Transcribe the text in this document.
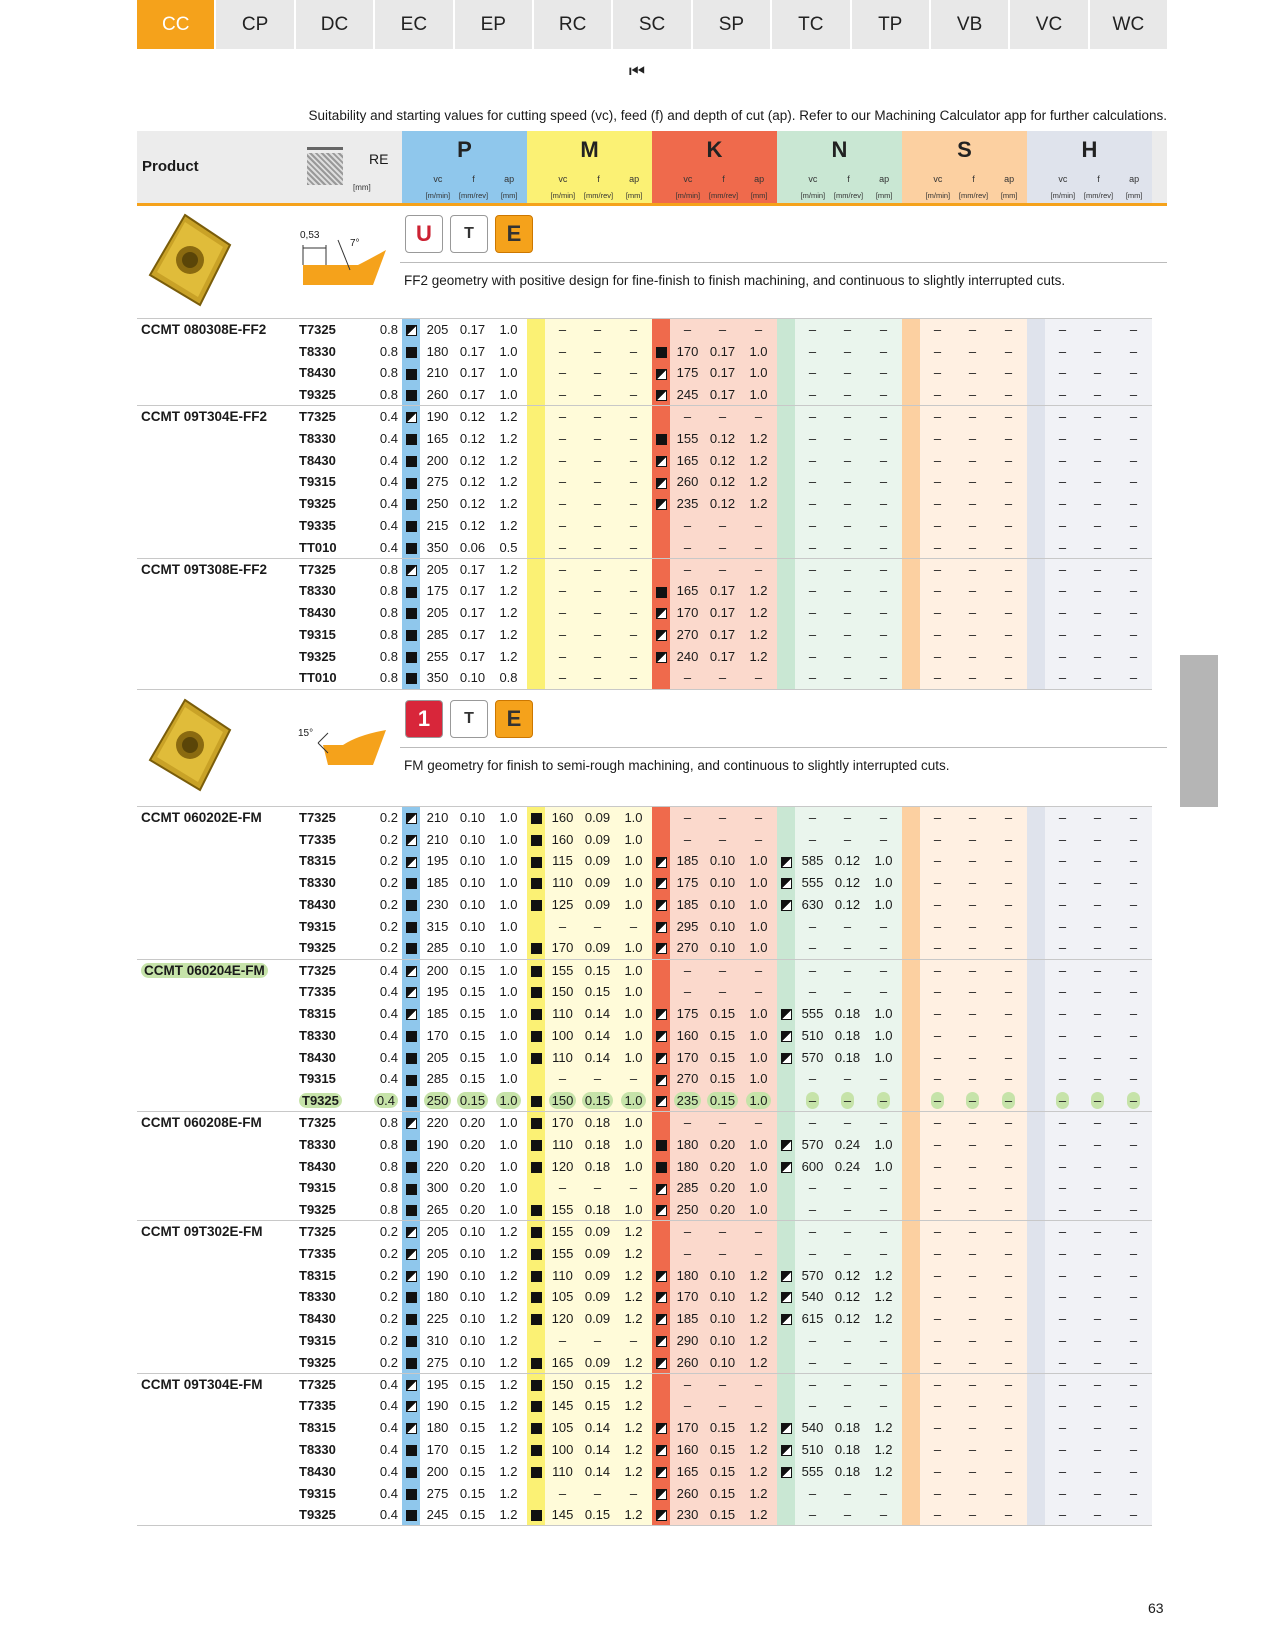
CC	CP	DC	EC	EP	RC	SC	SP	TC	TP	VB	VC	WC
⏮
Suitability and starting values for cutting speed (vc), feed (f) and depth of cut (ap). Refer to our Machining Calculator app for further calculations.
Product	RE
[mm]
P
vc	f	ap
[m/min]	[mm/rev]	[mm]
M
vc	f	ap
[m/min]	[mm/rev]	[mm]
K
vc	f	ap
[m/min]	[mm/rev]	[mm]
N
vc	f	ap
[m/min]	[mm/rev]	[mm]
S
vc	f	ap
[m/min]	[mm/rev]	[mm]
H
vc	f	ap
[m/min]	[mm/rev]	[mm]
63
0,53
7°	U	T	E
FF2 geometry with positive design for fine-finish to finish machining, and continuous to slightly interrupted cuts.
CCMT 080308E-FF2	T7325	0.8		205	0.17	1.0		–	–	–		–	–	–		–	–	–		–	–	–		–	–	–
	T8330	0.8		180	0.17	1.0		–	–	–		170	0.17	1.0		–	–	–		–	–	–		–	–	–
	T8430	0.8		210	0.17	1.0		–	–	–		175	0.17	1.0		–	–	–		–	–	–		–	–	–
	T9325	0.8		260	0.17	1.0		–	–	–		245	0.17	1.0		–	–	–		–	–	–		–	–	–
CCMT 09T304E-FF2	T7325	0.4		190	0.12	1.2		–	–	–		–	–	–		–	–	–		–	–	–		–	–	–
	T8330	0.4		165	0.12	1.2		–	–	–		155	0.12	1.2		–	–	–		–	–	–		–	–	–
	T8430	0.4		200	0.12	1.2		–	–	–		165	0.12	1.2		–	–	–		–	–	–		–	–	–
	T9315	0.4		275	0.12	1.2		–	–	–		260	0.12	1.2		–	–	–		–	–	–		–	–	–
	T9325	0.4		250	0.12	1.2		–	–	–		235	0.12	1.2		–	–	–		–	–	–		–	–	–
	T9335	0.4		215	0.12	1.2		–	–	–		–	–	–		–	–	–		–	–	–		–	–	–
	TT010	0.4		350	0.06	0.5		–	–	–		–	–	–		–	–	–		–	–	–		–	–	–
CCMT 09T308E-FF2	T7325	0.8		205	0.17	1.2		–	–	–		–	–	–		–	–	–		–	–	–		–	–	–
	T8330	0.8		175	0.17	1.2		–	–	–		165	0.17	1.2		–	–	–		–	–	–		–	–	–
	T8430	0.8		205	0.17	1.2		–	–	–		170	0.17	1.2		–	–	–		–	–	–		–	–	–
	T9315	0.8		285	0.17	1.2		–	–	–		270	0.17	1.2		–	–	–		–	–	–		–	–	–
	T9325	0.8		255	0.17	1.2		–	–	–		240	0.17	1.2		–	–	–		–	–	–		–	–	–
	TT010	0.8		350	0.10	0.8		–	–	–		–	–	–		–	–	–		–	–	–		–	–	–

15°
1	T	E
FM geometry for finish to semi-rough machining, and continuous to slightly interrupted cuts.
CCMT 060202E-FM	T7325	0.2		210	0.10	1.0		160	0.09	1.0		–	–	–		–	–	–		–	–	–		–	–	–
	T7335	0.2		210	0.10	1.0		160	0.09	1.0		–	–	–		–	–	–		–	–	–		–	–	–
	T8315	0.2		195	0.10	1.0		115	0.09	1.0		185	0.10	1.0		585	0.12	1.0		–	–	–		–	–	–
	T8330	0.2		185	0.10	1.0		110	0.09	1.0		175	0.10	1.0		555	0.12	1.0		–	–	–		–	–	–
	T8430	0.2		230	0.10	1.0		125	0.09	1.0		185	0.10	1.0		630	0.12	1.0		–	–	–		–	–	–
	T9315	0.2		315	0.10	1.0		–	–	–		295	0.10	1.0		–	–	–		–	–	–		–	–	–
	T9325	0.2		285	0.10	1.0		170	0.09	1.0		270	0.10	1.0		–	–	–		–	–	–		–	–	–
CCMT 060204E-FM	T7325	0.4		200	0.15	1.0		155	0.15	1.0		–	–	–		–	–	–		–	–	–		–	–	–
	T7335	0.4		195	0.15	1.0		150	0.15	1.0		–	–	–		–	–	–		–	–	–		–	–	–
	T8315	0.4		185	0.15	1.0		110	0.14	1.0		175	0.15	1.0		555	0.18	1.0		–	–	–		–	–	–
	T8330	0.4		170	0.15	1.0		100	0.14	1.0		160	0.15	1.0		510	0.18	1.0		–	–	–		–	–	–
	T8430	0.4		205	0.15	1.0		110	0.14	1.0		170	0.15	1.0		570	0.18	1.0		–	–	–		–	–	–
	T9315	0.4		285	0.15	1.0		–	–	–		270	0.15	1.0		–	–	–		–	–	–		–	–	–
	T9325	0.4		250	0.15	1.0		150	0.15	1.0		235	0.15	1.0		–	–	–		–	–	–		–	–	–
CCMT 060208E-FM	T7325	0.8		220	0.20	1.0		170	0.18	1.0		–	–	–		–	–	–		–	–	–		–	–	–
	T8330	0.8		190	0.20	1.0		110	0.18	1.0		180	0.20	1.0		570	0.24	1.0		–	–	–		–	–	–
	T8430	0.8		220	0.20	1.0		120	0.18	1.0		180	0.20	1.0		600	0.24	1.0		–	–	–		–	–	–
	T9315	0.8		300	0.20	1.0		–	–	–		285	0.20	1.0		–	–	–		–	–	–		–	–	–
	T9325	0.8		265	0.20	1.0		155	0.18	1.0		250	0.20	1.0		–	–	–		–	–	–		–	–	–
CCMT 09T302E-FM	T7325	0.2		205	0.10	1.2		155	0.09	1.2		–	–	–		–	–	–		–	–	–		–	–	–
	T7335	0.2		205	0.10	1.2		155	0.09	1.2		–	–	–		–	–	–		–	–	–		–	–	–
	T8315	0.2		190	0.10	1.2		110	0.09	1.2		180	0.10	1.2		570	0.12	1.2		–	–	–		–	–	–
	T8330	0.2		180	0.10	1.2		105	0.09	1.2		170	0.10	1.2		540	0.12	1.2		–	–	–		–	–	–
	T8430	0.2		225	0.10	1.2		120	0.09	1.2		185	0.10	1.2		615	0.12	1.2		–	–	–		–	–	–
	T9315	0.2		310	0.10	1.2		–	–	–		290	0.10	1.2		–	–	–		–	–	–		–	–	–
	T9325	0.2		275	0.10	1.2		165	0.09	1.2		260	0.10	1.2		–	–	–		–	–	–		–	–	–
CCMT 09T304E-FM	T7325	0.4		195	0.15	1.2		150	0.15	1.2		–	–	–		–	–	–		–	–	–		–	–	–
	T7335	0.4		190	0.15	1.2		145	0.15	1.2		–	–	–		–	–	–		–	–	–		–	–	–
	T8315	0.4		180	0.15	1.2		105	0.14	1.2		170	0.15	1.2		540	0.18	1.2		–	–	–		–	–	–
	T8330	0.4		170	0.15	1.2		100	0.14	1.2		160	0.15	1.2		510	0.18	1.2		–	–	–		–	–	–
	T8430	0.4		200	0.15	1.2		110	0.14	1.2		165	0.15	1.2		555	0.18	1.2		–	–	–		–	–	–
	T9315	0.4		275	0.15	1.2		–	–	–		260	0.15	1.2		–	–	–		–	–	–		–	–	–
	T9325	0.4		245	0.15	1.2		145	0.15	1.2		230	0.15	1.2		–	–	–		–	–	–		–	–	–
